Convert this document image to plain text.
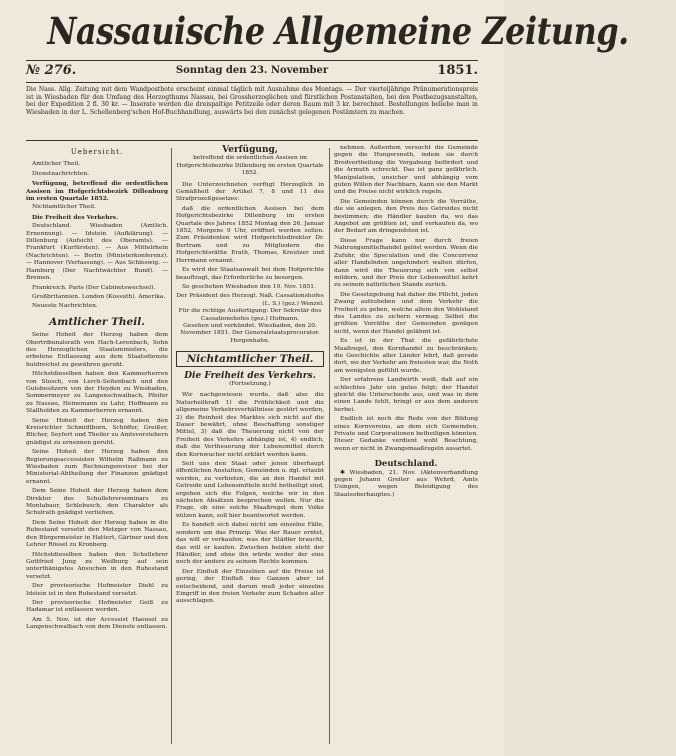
Nassauische Allgemeine Zeitung.
№ 276.	Sonntag den 23. November	1851.
Die Nass. Allg. Zeitung mit dem Wandpostbote erscheint einmal täglich mit Ausnahme des Montags. — Der vierteljährige Pränumerationspreis ist in Wiesbaden für den Umfang des Herzogthums Nassau, bei Grossherzoglichen und fürstlichen Postanstalten, bei den Postbezugsanstalten, bei der Expedition 2 fl. 30 kr. — Inserate werden die dreispaltige Petitzeile oder deren Raum mit 3 kr. berechnet. Bestellungen beliebe man in Wiesbaden in der L. Schellenberg'schen Hof-Buchhandlung, auswärts bei den zunächst gelegenen Postämtern zu machen.
Uebersicht.
Amtlicher Theil.
Dienstnachrichten.
Verfügung, betreffend die ordentlichen Assisen im Hofgerichtsbezirk Dillenburg im ersten Quartale 1852.
Nichtamtlicher Theil.
Die Freiheit des Verkehrs.
Deutschland. Wiesbaden (Amtlich. Ernennung). — Idstein (Aufklärung). — Dillenburg (Aufsicht des Oberamts). — Frankfurt (Kurfürsten). — Aus Mittelrhein (Nachrichten). — Berlin (Ministerkonferenz). — Hannover (Verfassung). — Aus Schleswig. — Hamburg (Der Nachtwächter Bund). — Bremen.
Frankreich. Paris (Der Cabinetswechsel).
Großbritannien. London (Kossuth). Amerika.
Neueste Nachrichten.
Amtlicher Theil.
Seine Hoheit der Herzog haben dem Obertribunalsrath von Hach-Lerenbach, Sohn des Herzoglichen Staatsministers, die erbetene Entlassung aus dem Staatsdienste huldreichst zu gewähren geruht.
Höchstdieselben haben den Kammerherren von Stosch, von Lerch-Seitenbach und den Gutsbesitzern von der Heyden zu Wiesbaden, Sommermeyer zu Langenschwalbach, Pfeifer zu Nassau, Heinemann zu Lahr, Hoffmann zu Stallholden zu Kammerherren ernannt.
Seine Hoheit der Herzog haben den Kreisrichter Schmidtborn, Schöffer, Greißer, Blicher, Seyfert und Theiler zu Amtsvorstehern gnädigst zu ernennen geruht.
Seine Hoheit der Herzog haben den Regierungsaccessisten Wilhelm Raßmann zu Wiesbaden zum Rechnungsrevisor bei der Ministerial-Abtheilung der Finanzen gnädigst ernannt.
Dem Seine Hoheit der Herzog haben dem Direktor des Schullehrerseminars zu Montabaur, Schlebusch, den Charakter als Schulrath gnädigst verliehen.
Dem Seine Hoheit der Herzog haben in die Ruhestand versetzt den Metzger von Nassau, den Bürgermeister in Hattert, Gärtner und den Lehrer Rössel zu Kronberg.
Höchstdieselben haben den Schullehrer Gottfried Jung zu Weilburg auf sein unterthänigstes Ansuchen in den Ruhestand versetzt.
Der provisorische Hofmeister Diehl zu Idstein ist in den Ruhestand versetzt.
Der provisorische Hofmeister Geiß zu Hadamar ist entlassen worden.
Am 5. Nov. ist der Accessist Haensel zu Langenschwalbach von dem Dienste entlassen.
Verfügung,
betreffend die ordentlichen Assisen im Hofgerichtsbezirke Dillenburg im ersten Quartale 1852.
Die Unterzeichneten verfügt Herzoglich in Gemäßheit der Artikel 7, 8 und 11 des Strafprozeßgesetzes:
daß die ordentlichen Assisen bei dem Hofgerichtsbezirke Dillenburg im ersten Quartale des Jahres 1852 Montag den 26. Januar 1852, Morgens 9 Uhr, eröffnet werden sollen. Zum Präsidenten wird Hofgerichtsdirektor Dr. Bertram und zu Mitgliedern die Hofgerichtsräthe Erath, Thomas, Kreutzer und Herrmann ernannt.
Es wird der Staatsanwalt bei dem Hofgerichte beauftragt, das Erforderliche zu besorgen.
So geschehen Wiesbaden den 19. Nov. 1851.
Der Präsident des Herzogl. Naß. Cassationshofes
(L. S.) (gez.) Wenzel.
Für die richtige Ausfertigung: Der Sekretär des Cassationshofes (gez.) Hofmann.
Gesehen und verkündet. Wiesbaden, den 20. November 1851. Der Generalstaatsprocurator. Hergenhahn.
Nichtamtlicher Theil.
Die Freiheit des Verkehrs.
(Fortsetzung.)
Wir nachgewiesen wurde, daß also die Naturheilkraft 1) die Fröhlichkeit und die allgemeine Verkehrsverhältnisse gestört werden, 2) die Reinheit des Marktes sich nicht auf die Dauer bewährt, ohne Beschaffung sonstiger Mittel, 3) daß die Theuerung nicht von der Freiheit des Verkehrs abhängig ist, 4) endlich, daß die Vertheuerung der Lebensmittel durch den Kornwucher nicht erklärt werden kann.
Seit uns den Staat oder jenen überhaupt öffentlichen Anstalten, Gemeinden u. dgl. erlaubt werden, zu verbieten, die an den Handel mit Getreide und Lebensmitteln nicht betheiligt sind, ergeben sich die Folgen, welche wir in den nächsten Absätzen besprechen wollen. Nur die Frage, ob eine solche Maaßregel dem Volke nützen kann, soll hier beantwortet werden.
Es handelt sich dabei nicht um einzelne Fälle, sondern um das Prinzip. Was der Bauer erntet, das will er verkaufen; was der Städter braucht, das will er kaufen. Zwischen beiden steht der Händler, und ohne ihn würde weder der eine noch der andere zu seinem Rechte kommen.
Der Einfluß der Einzelnen auf die Preise ist gering, der Einfluß des Ganzen aber ist entscheidend, und darum muß jeder einzelne Eingriff in den freien Verkehr zum Schaden aller ausschlagen.
nehmen. Außerdem versucht die Gemeinde gegen die Hungersnoth, indem sie durch Brodvertheilung die Vergabung befördert und die Armuth schreckt. Das ist ganz gefährlich. Manipulation, unsicher und abhängig vom guten Willen der Nachbarn, kann sie den Markt und die Preise nicht wirklich regeln.
Die Gemeinden können durch die Vorräthe, die sie anlegen, den Preis des Getreides nicht bestimmen; die Händler kaufen da, wo das Angebot am größten ist, und verkaufen da, wo der Bedarf am dringendsten ist.
Diese Frage kann nur durch freien Nahrungsmittelhandel gelöst werden. Wenn die Zufuhr, die Speculation und die Concurrenz aller Handelnden ungehindert walten dürfen, dann wird die Theuerung sich von selbst mildern, und der Preis der Lebensmittel kehrt zu seinem natürlichen Stande zurück.
Die Gesetzgebung hat daher die Pflicht, jeden Zwang aufzuheben und dem Verkehr die Freiheit zu geben, welche allein den Wohlstand des Landes zu sichern vermag. Selbst die größten Vorräthe der Gemeinden genügen nicht, wenn der Handel gelähmt ist.
Es ist in der That die gefährlichste Maaßregel, den Kornhandel zu beschränken; die Geschichte aller Länder lehrt, daß gerade dort, wo der Verkehr am freiesten war, die Noth am wenigsten gefühlt wurde.
Der erfahrene Landwirth weiß, daß auf ein schlechtes Jahr ein gutes folgt; der Handel gleicht die Unterschiede aus, und was in dem einen Lande fehlt, bringt er aus dem anderen herbei.
Endlich ist noch die Rede von der Bildung eines Kornvereins, an dem sich Gemeinden, Private und Corporationen betheiligen könnten. Dieser Gedanke verdient wohl Beachtung, wenn er nicht in Zwangsmaaßregeln ausartet.
Deutschland.
✱ Wiesbaden, 21. Nov. (Aktenverhandlung gegen Johann Greiter aus Wehrd, Amts Usingen, wegen Beleidigung des Staatsoberhauptes.)
